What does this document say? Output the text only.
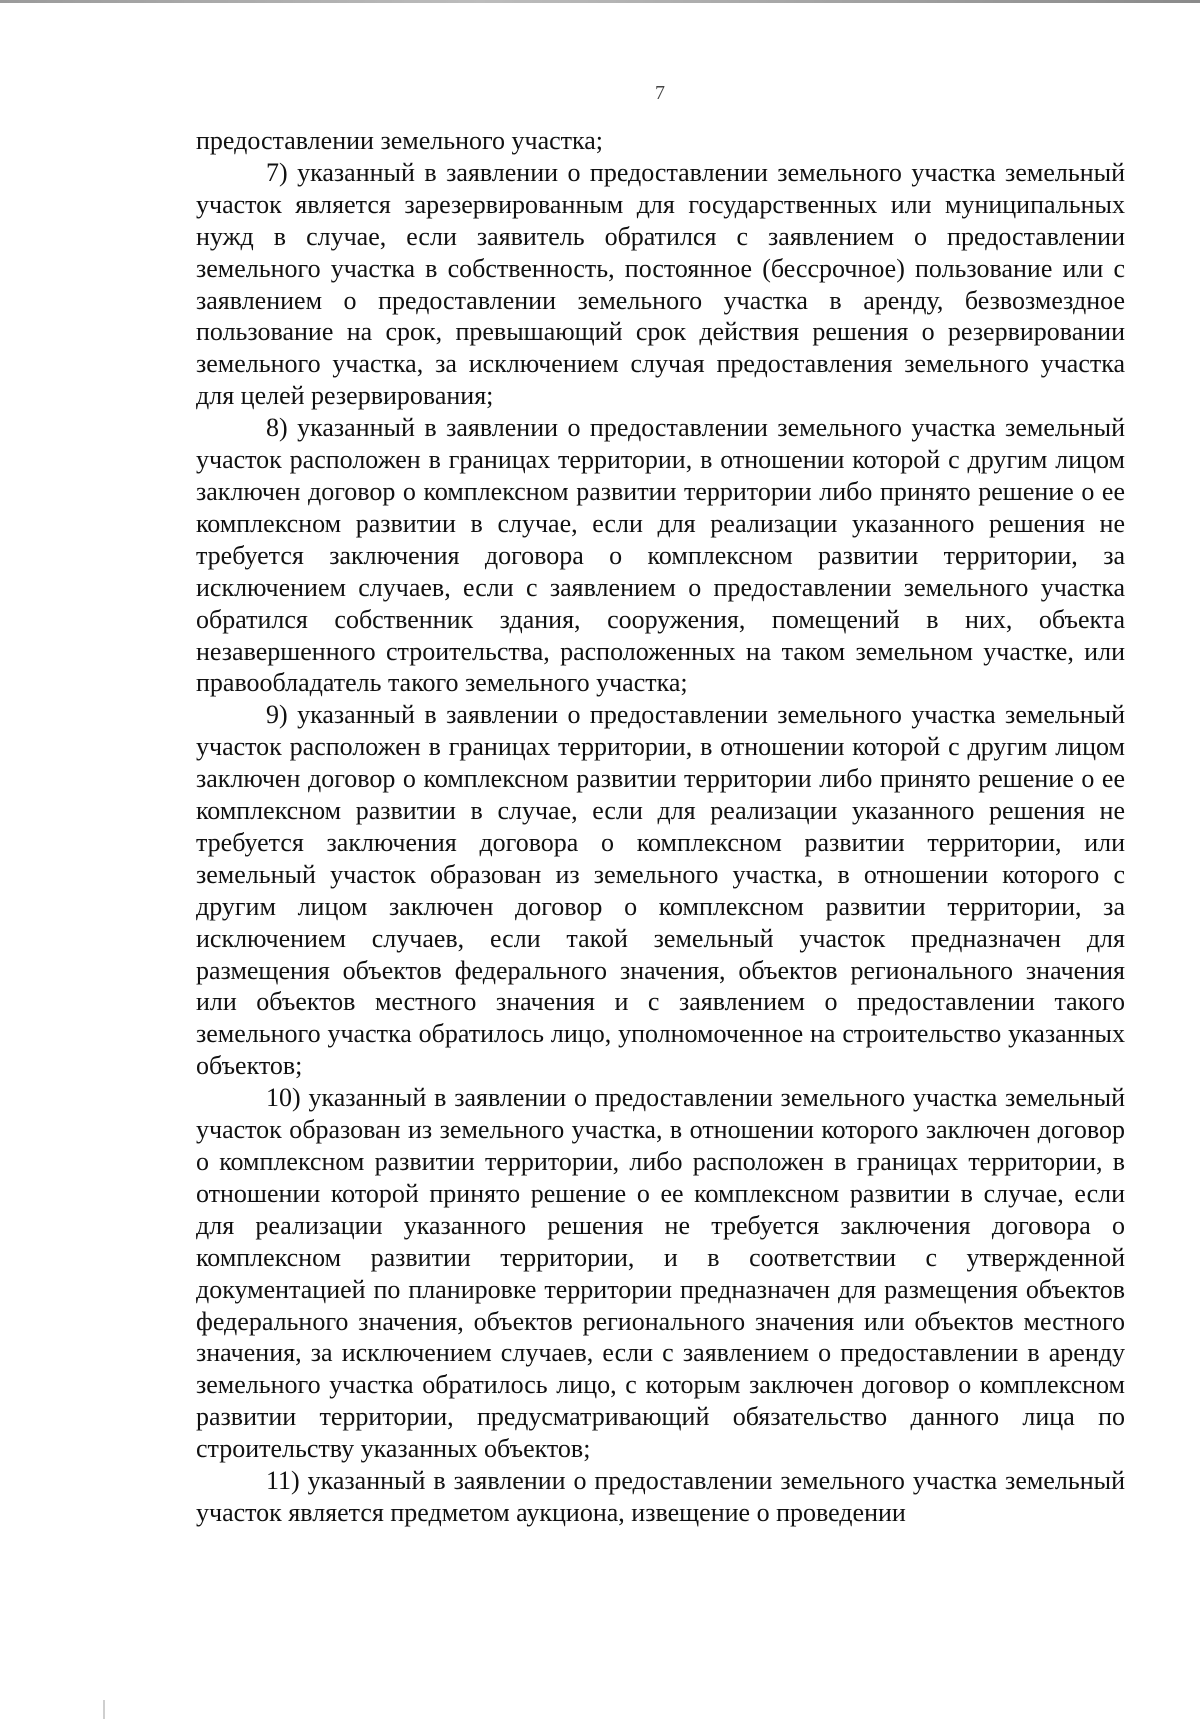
7

предоставлении земельного участка;

7) указанный в заявлении о предоставлении земельного участка земельный участок является зарезервированным для государственных или муниципальных нужд в случае, если заявитель обратился с заявлением о предоставлении земельного участка в собственность, постоянное (бессрочное) пользование или с заявлением о предоставлении земельного участка в аренду, безвозмездное пользование на срок, превышающий срок действия решения о резервировании земельного участка, за исключением случая предоставления земельного участка для целей резервирования;

8) указанный в заявлении о предоставлении земельного участка земельный участок расположен в границах территории, в отношении которой с другим лицом заключен договор о комплексном развитии территории либо принято решение о ее комплексном развитии в случае, если для реализации указанного решения не требуется заключения договора о комплексном развитии территории, за исключением случаев, если с заявлением о предоставлении земельного участка обратился собственник здания, сооружения, помещений в них, объекта незавершенного строительства, расположенных на таком земельном участке, или правообладатель такого земельного участка;

9) указанный в заявлении о предоставлении земельного участка земельный участок расположен в границах территории, в отношении которой с другим лицом заключен договор о комплексном развитии территории либо принято решение о ее комплексном развитии в случае, если для реализации указанного решения не требуется заключения договора о комплексном развитии территории, или земельный участок образован из земельного участка, в отношении которого с другим лицом заключен договор о комплексном развитии территории, за исключением случаев, если такой земельный участок предназначен для размещения объектов федерального значения, объектов регионального значения или объектов местного значения и с заявлением о предоставлении такого земельного участка обратилось лицо, уполномоченное на строительство указанных объектов;

10) указанный в заявлении о предоставлении земельного участка земельный участок образован из земельного участка, в отношении которого заключен договор о комплексном развитии территории, либо расположен в границах территории, в отношении которой принято решение о ее комплексном развитии в случае, если для реализации указанного решения не требуется заключения договора о комплексном развитии территории, и в соответствии с утвержденной документацией по планировке территории предназначен для размещения объектов федерального значения, объектов регионального значения или объектов местного значения, за исключением случаев, если с заявлением о предоставлении в аренду земельного участка обратилось лицо, с которым заключен договор о комплексном развитии территории, предусматривающий обязательство данного лица по строительству указанных объектов;

11) указанный в заявлении о предоставлении земельного участка земельный участок является предметом аукциона, извещение о проведении
